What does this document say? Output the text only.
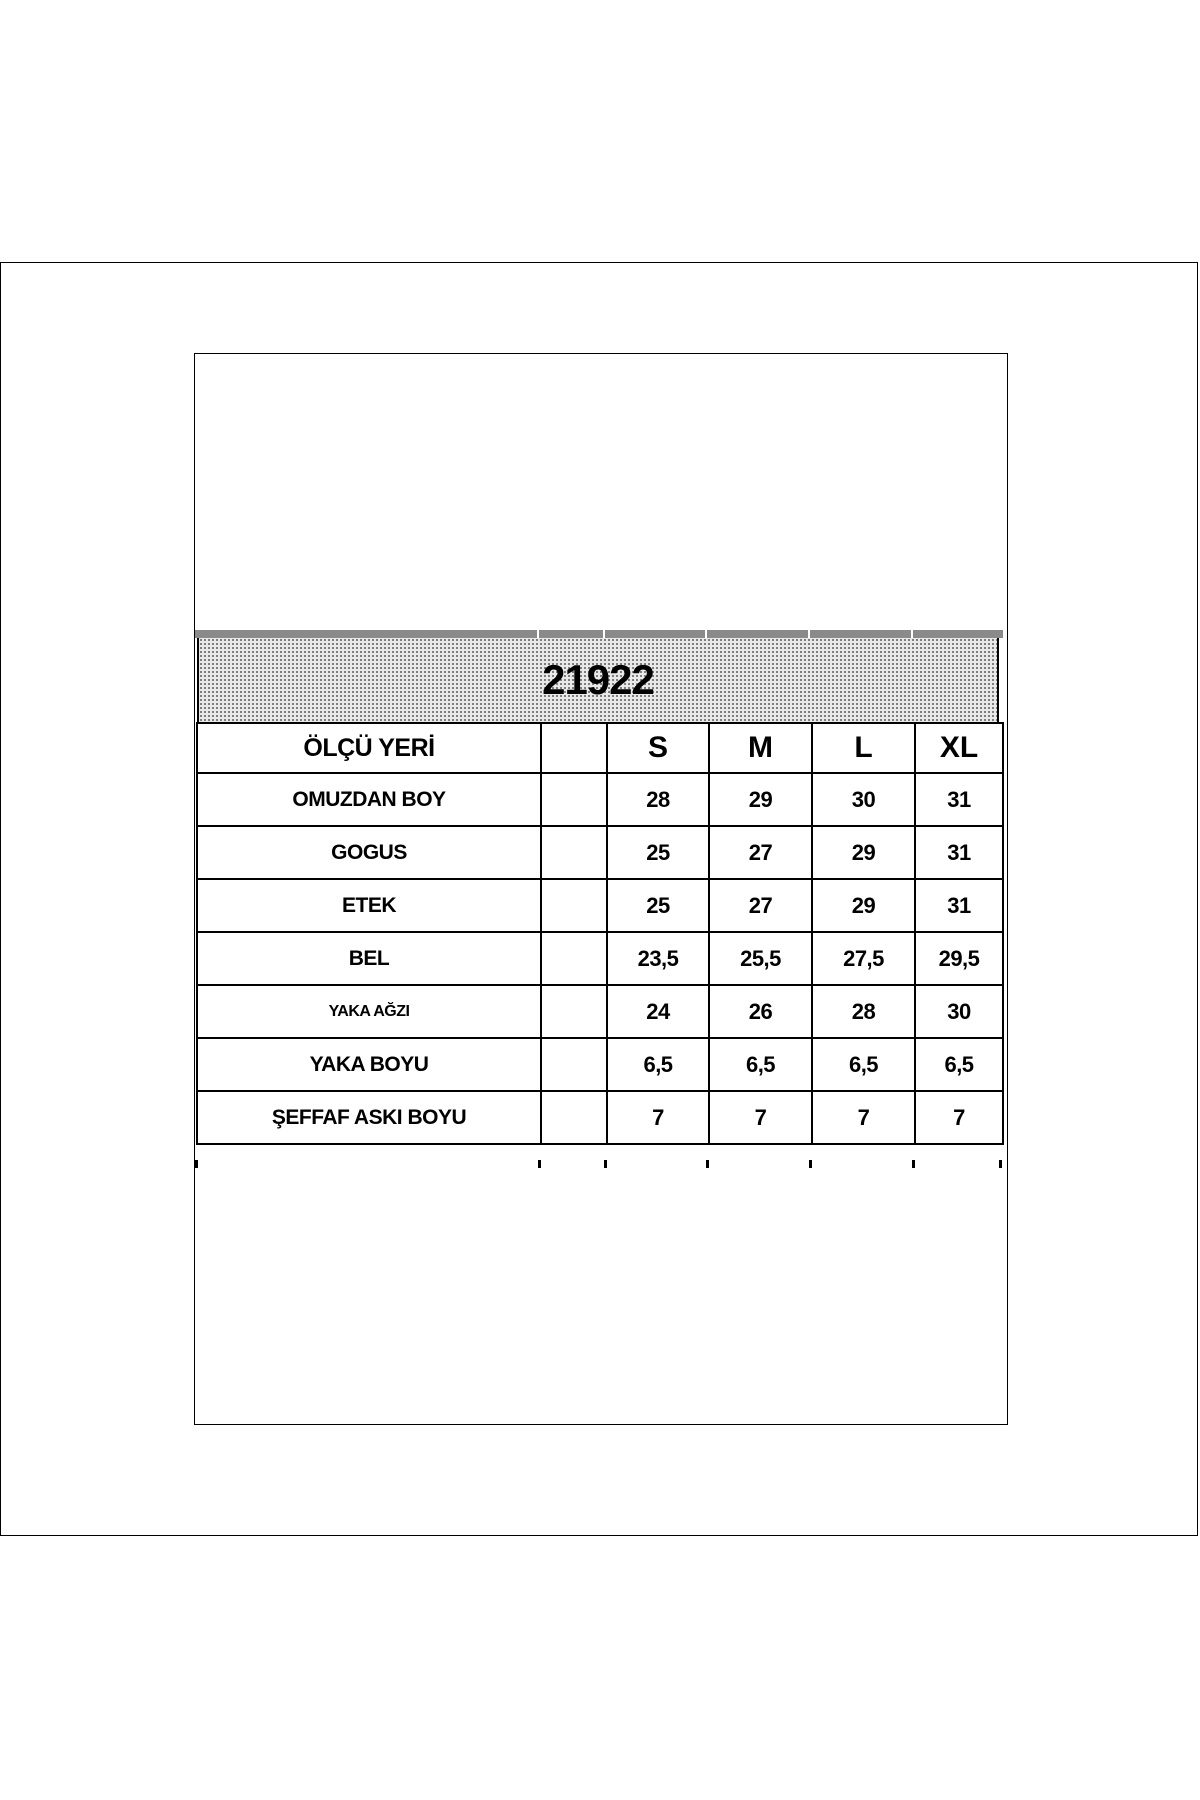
21922
ÖLÇÜ YERİ		S	M	L	XL
OMUZDAN BOY		28	29	30	31
GOGUS		25	27	29	31
ETEK		25	27	29	31
BEL		23,5	25,5	27,5	29,5
YAKA AĞZI		24	26	28	30
YAKA BOYU		6,5	6,5	6,5	6,5
ŞEFFAF ASKI BOYU		7	7	7	7
